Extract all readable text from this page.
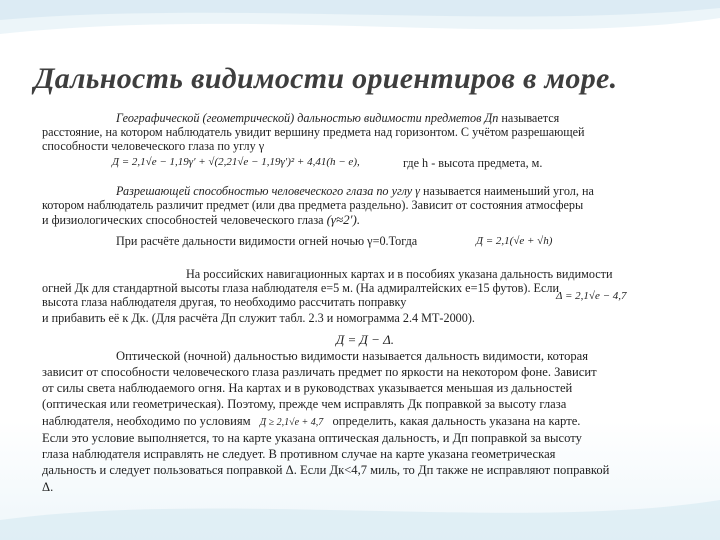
Дальность видимости ориентиров в море.
Географической (геометрической) дальностью видимости предметов Дп называется
расстояние, на котором наблюдатель увидит вершину предмета над горизонтом. С учётом разрешающей
способности человеческого глаза по углу γ
Д = 2,1√e − 1,19γ′ + √(2,21√e − 1,19γ′)² + 4,41(h − e),	где h - высота предмета, м.
Разрешающей способностью человеческого глаза по углу γ называется наименьший угол, на
котором наблюдатель различит предмет (или два предмета раздельно). Зависит от состояния атмосферы
и физиологических способностей человеческого глаза (γ≈2′).
При расчёте дальности видимости огней ночью γ=0.Тогда	Д = 2,1(√e + √h)
На российских навигационных картах и в пособиях указана дальность видимости
огней Дк для стандартной высоты глаза наблюдателя e=5 м. (На адмиралтейских e=15 футов). Если
высота глаза наблюдателя другая, то необходимо рассчитать поправку	Δ = 2,1√e − 4,7
и прибавить её к Дк. (Для расчёта Дп служит табл. 2.3 и номограмма 2.4 МТ-2000).
Д = Д − Δ.
Оптической (ночной) дальностью видимости называется дальность видимости, которая
зависит от способности человеческого глаза различать предмет по яркости на некотором фоне. Зависит
от силы света наблюдаемого огня. На картах и в руководствах указывается меньшая из дальностей
(оптическая или геометрическая). Поэтому, прежде чем исправлять Дк поправкой за высоту глаза
наблюдателя, необходимо по условиям Д ≥ 2,1√e + 4,7 определить, какая дальность указана на карте.
Если это условие выполняется, то на карте указана оптическая дальность, и Дп поправкой за высоту
глаза наблюдателя исправлять не следует. В противном случае на карте указана геометрическая
дальность и следует пользоваться поправкой Δ. Если Дк<4,7 миль, то Дп также не исправляют поправкой
Δ.
